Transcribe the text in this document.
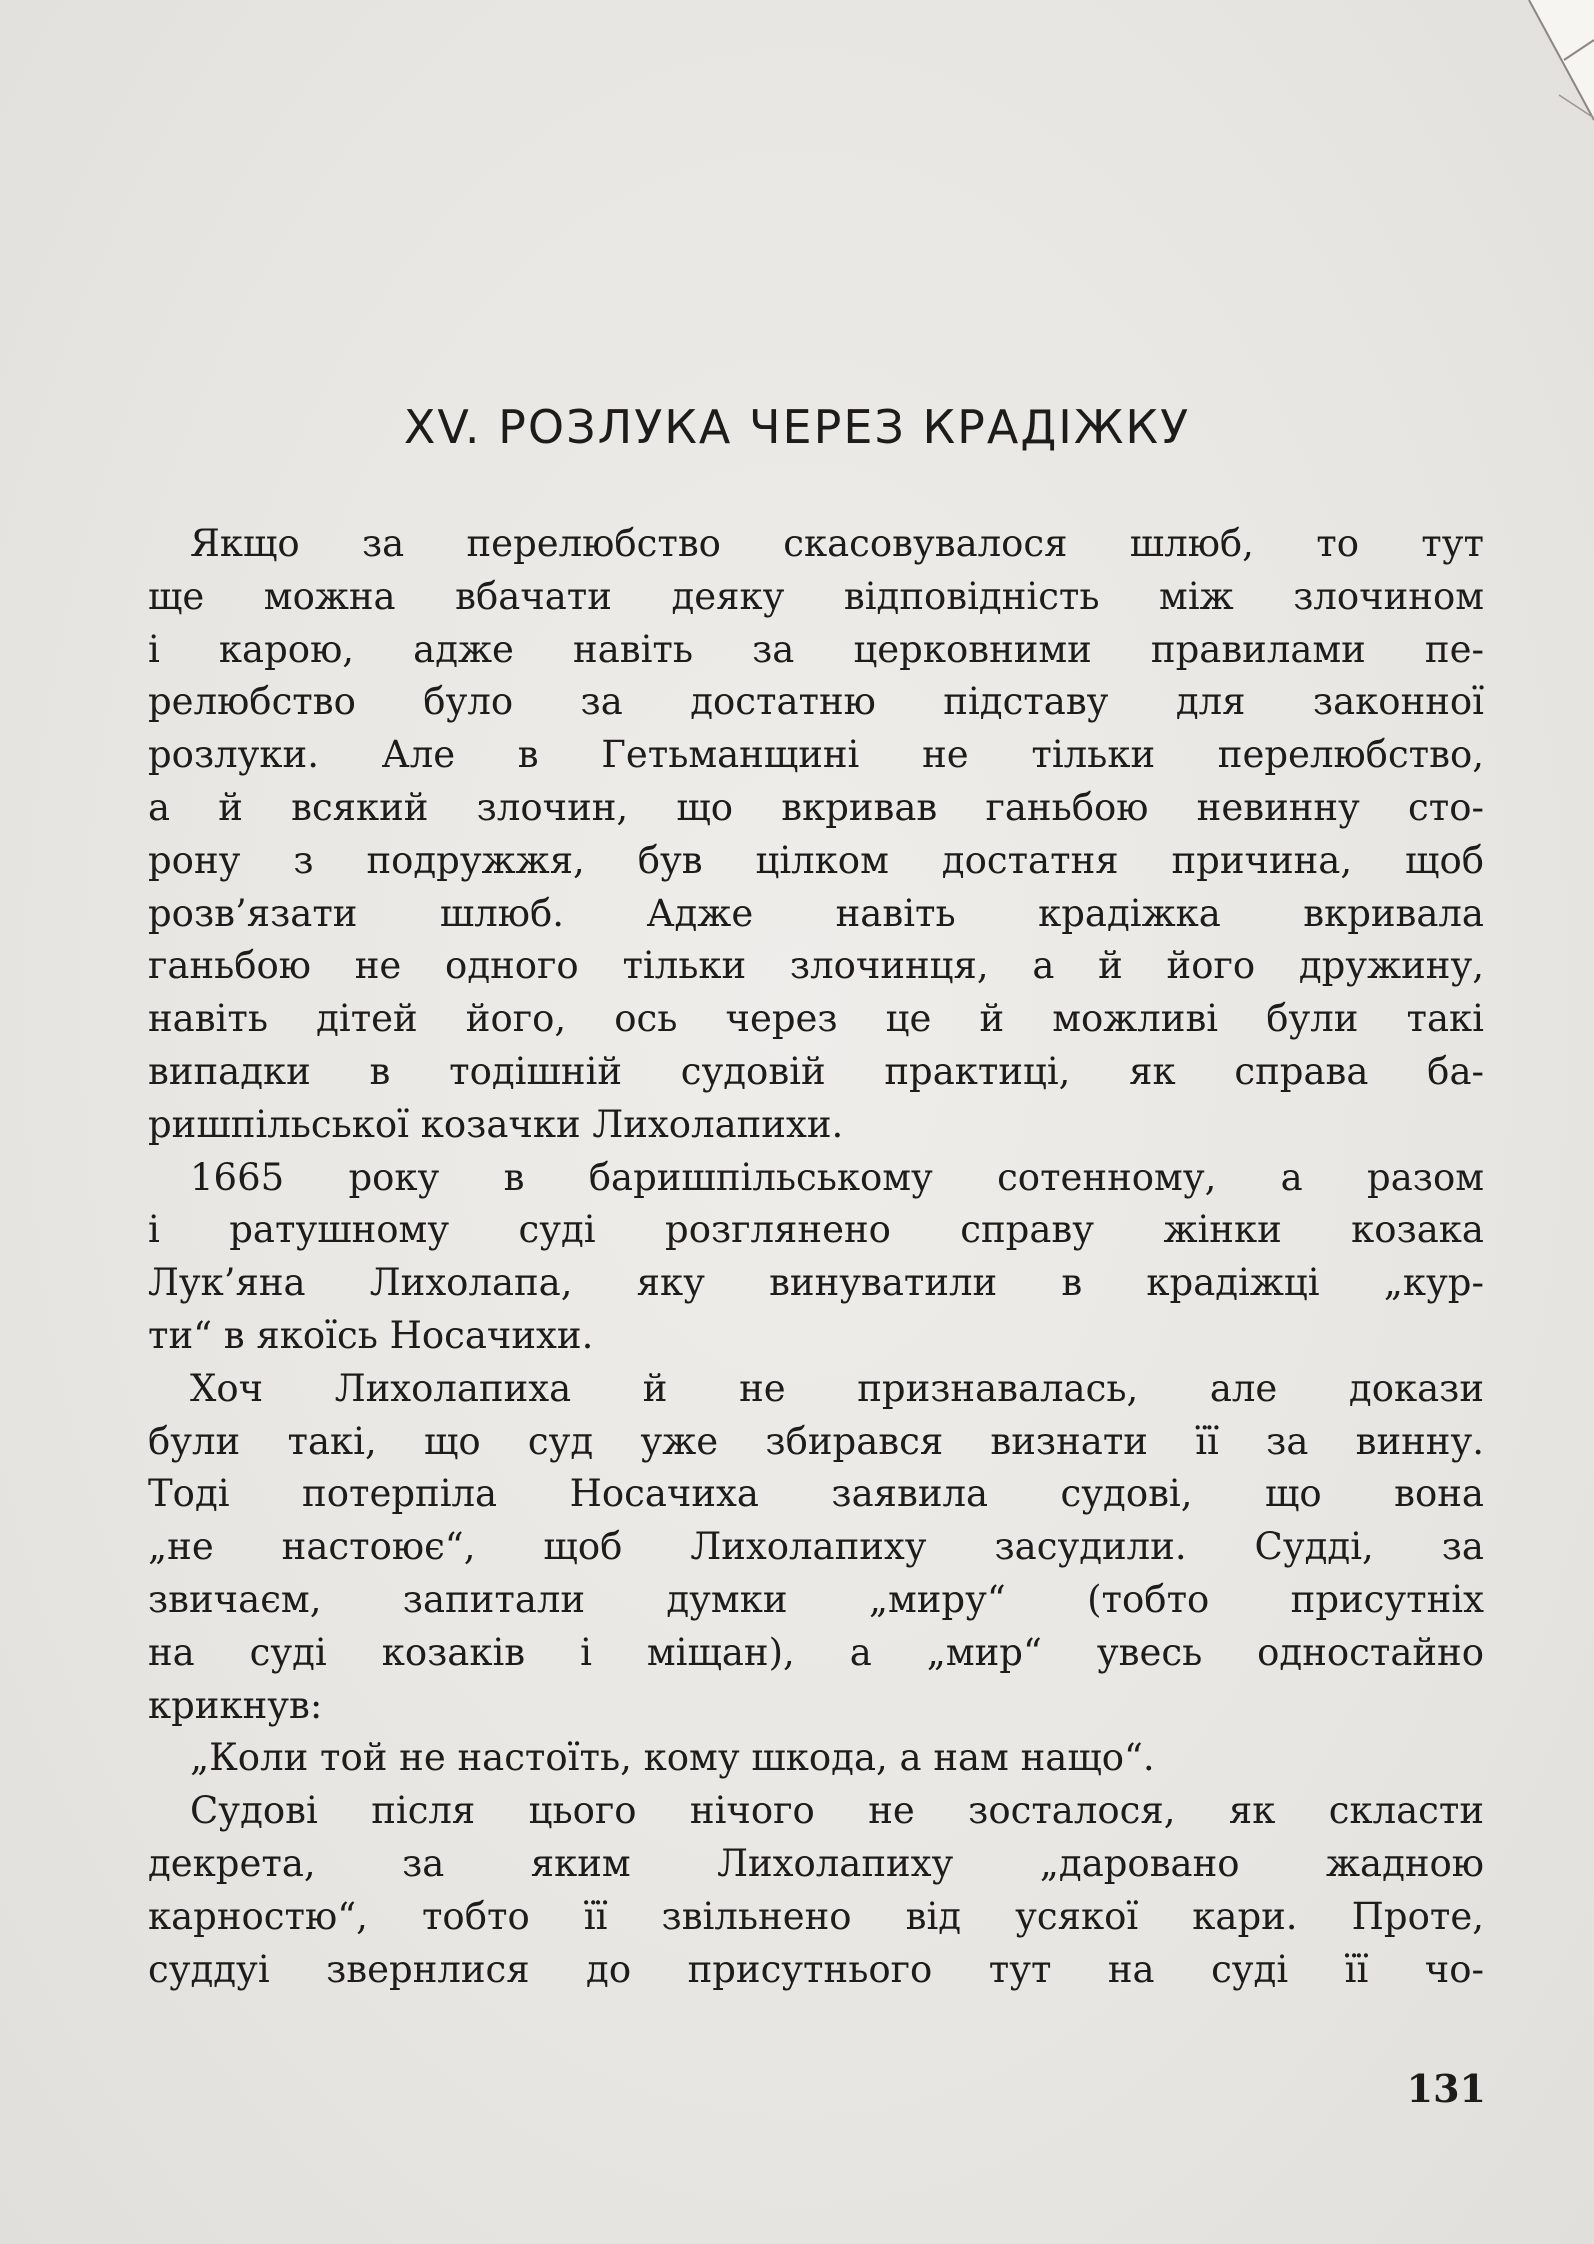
XV. РОЗЛУКА ЧЕРЕЗ КРАДІЖКУ
Якщо за перелюбство скасовувалося шлюб, то тут
ще можна вбачати деяку відповідність між злочином
і карою, адже навіть за церковними правилами пе-
релюбство було за достатню підставу для законної
розлуки. Але в Гетьманщині не тільки перелюбство,
а й всякий злочин, що вкривав ганьбою невинну сто-
рону з подружжя, був цілком достатня причина, щоб
розв’язати шлюб. Адже навіть крадіжка вкривала
ганьбою не одного тільки злочинця, а й його дружину,
навіть дітей його, ось через це й можливі були такі
випадки в тодішній судовій практиці, як справа ба-
ришпільської козачки Лихолапихи.
1665 року в баришпільському сотенному, а разом
і ратушному суді розглянено справу жінки козака
Лук’яна Лихолапа, яку винуватили в крадіжці „кур-
ти“ в якоїсь Носачихи.
Хоч Лихолапиха й не признавалась, але докази
були такі, що суд уже збирався визнати її за винну.
Тоді потерпіла Носачиха заявила судові, що вона
„не настоює“, щоб Лихолапиху засудили. Судді, за
звичаєм, запитали думки „миру“ (тобто присутніх
на суді козаків і міщан), а „мир“ увесь одностайно
крикнув:
„Коли той не настоїть, кому шкода, а нам нащо“.
Судові після цього нічого не зосталося, як скласти
декрета, за яким Лихолапиху „даровано жадною
карностю“, тобто її звільнено від усякої кари. Проте,
суддуі звернлися до присутнього тут на суді її чо-
131
